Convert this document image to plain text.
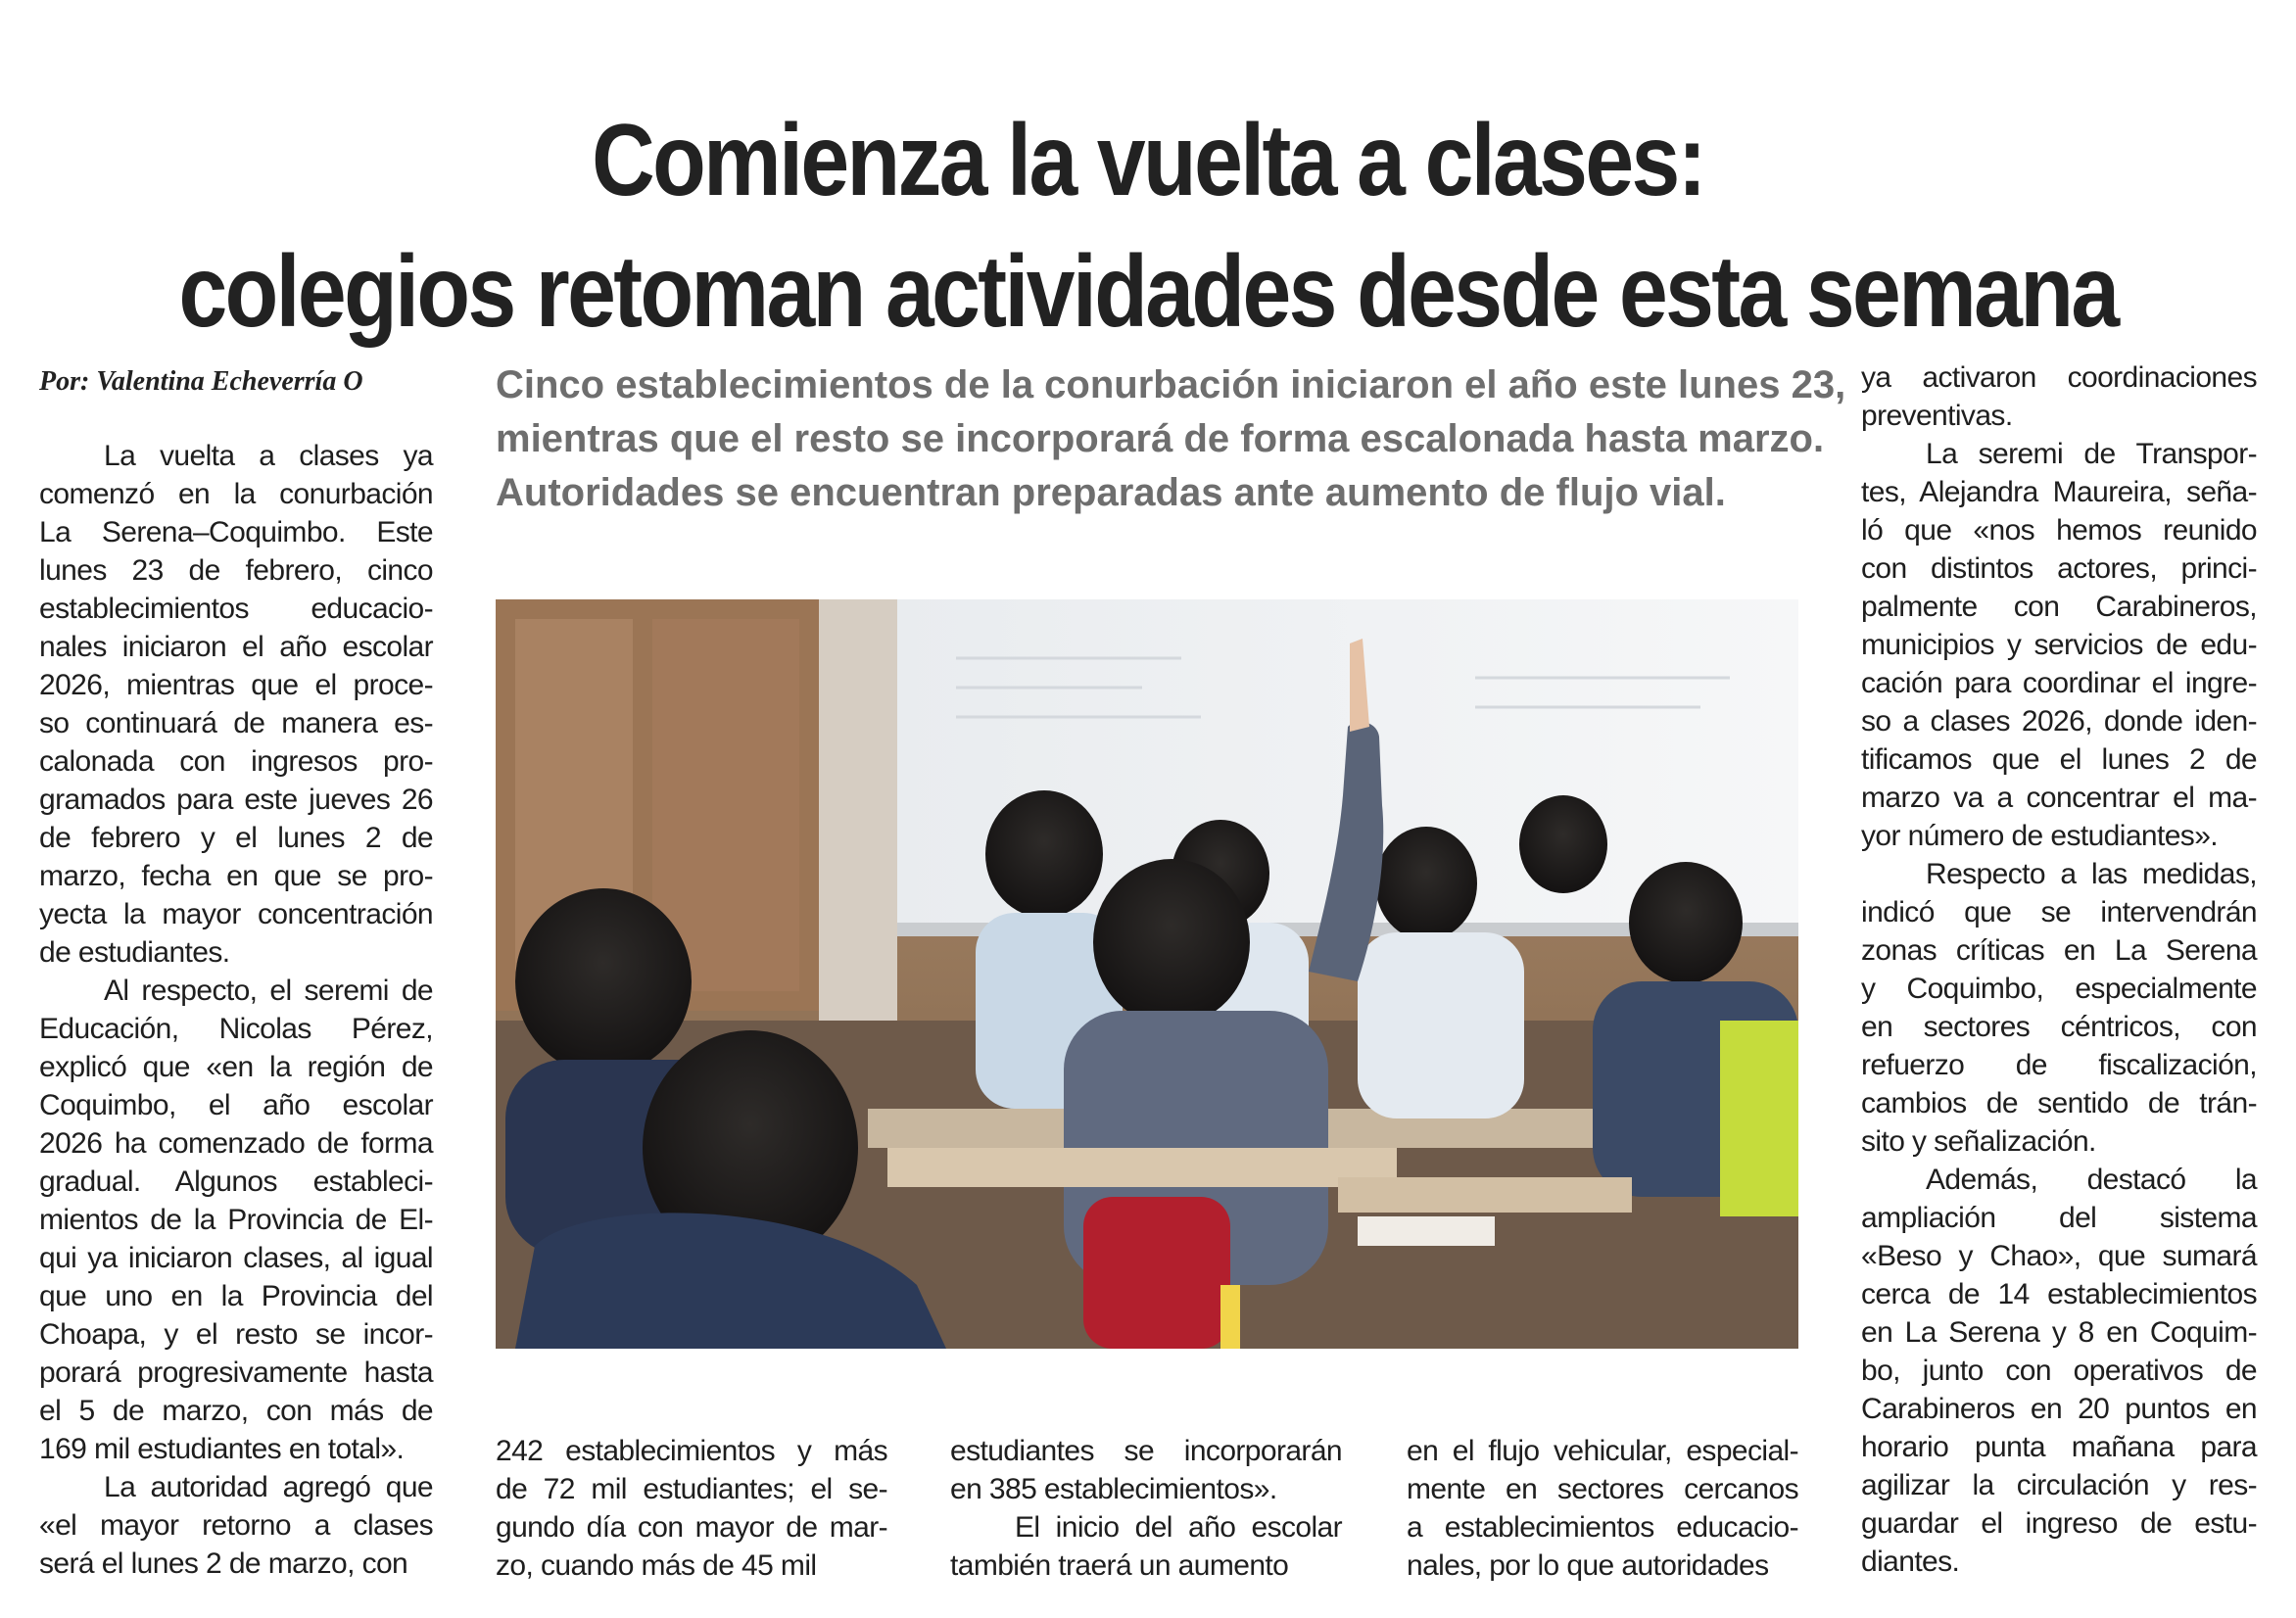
Comienza la vuelta a clases:
colegios retoman actividades desde esta semana
Por: Valentina Echeverría O	Cinco establecimientos de la conurbación iniciaron el año este lunes 23,
mientras que el resto se incorporará de forma escalonada hasta marzo.
Autoridades se encuentran preparadas ante aumento de flujo vial.
La vuelta a clases ya
comenzó en la conurbación
La Serena–Coquimbo. Este
lunes 23 de febrero, cinco
establecimientos educacio-
nales iniciaron el año escolar
2026, mientras que el proce-
so continuará de manera es-
calonada con ingresos pro-
gramados para este jueves 26
de febrero y el lunes 2 de
marzo, fecha en que se pro-
yecta la mayor concentración
de estudiantes.
Al respecto, el seremi de
Educación, Nicolas Pérez,
explicó que «en la región de
Coquimbo, el año escolar
2026 ha comenzado de forma
gradual. Algunos estableci-
mientos de la Provincia de El-
qui ya iniciaron clases, al igual
que uno en la Provincia del
Choapa, y el resto se incor-
porará progresivamente hasta
el 5 de marzo, con más de
169 mil estudiantes en total».
La autoridad agregó que
«el mayor retorno a clases
será el lunes 2 de marzo, con
242 establecimientos y más
de 72 mil estudiantes; el se-
gundo día con mayor de mar-
zo, cuando más de 45 mil
estudiantes se incorporarán
en 385 establecimientos».
El inicio del año escolar
también traerá un aumento
en el flujo vehicular, especial-
mente en sectores cercanos
a establecimientos educacio-
nales, por lo que autoridades
ya activaron coordinaciones
preventivas.
La seremi de Transpor-
tes, Alejandra Maureira, seña-
ló que «nos hemos reunido
con distintos actores, princi-
palmente con Carabineros,
municipios y servicios de edu-
cación para coordinar el ingre-
so a clases 2026, donde iden-
tificamos que el lunes 2 de
marzo va a concentrar el ma-
yor número de estudiantes».
Respecto a las medidas,
indicó que se intervendrán
zonas críticas en La Serena
y Coquimbo, especialmente
en sectores céntricos, con
refuerzo de fiscalización,
cambios de sentido de trán-
sito y señalización.
Además, destacó la
ampliación del sistema
«Beso y Chao», que sumará
cerca de 14 establecimientos
en La Serena y 8 en Coquim-
bo, junto con operativos de
Carabineros en 20 puntos en
horario punta mañana para
agilizar la circulación y res-
guardar el ingreso de estu-
diantes.
